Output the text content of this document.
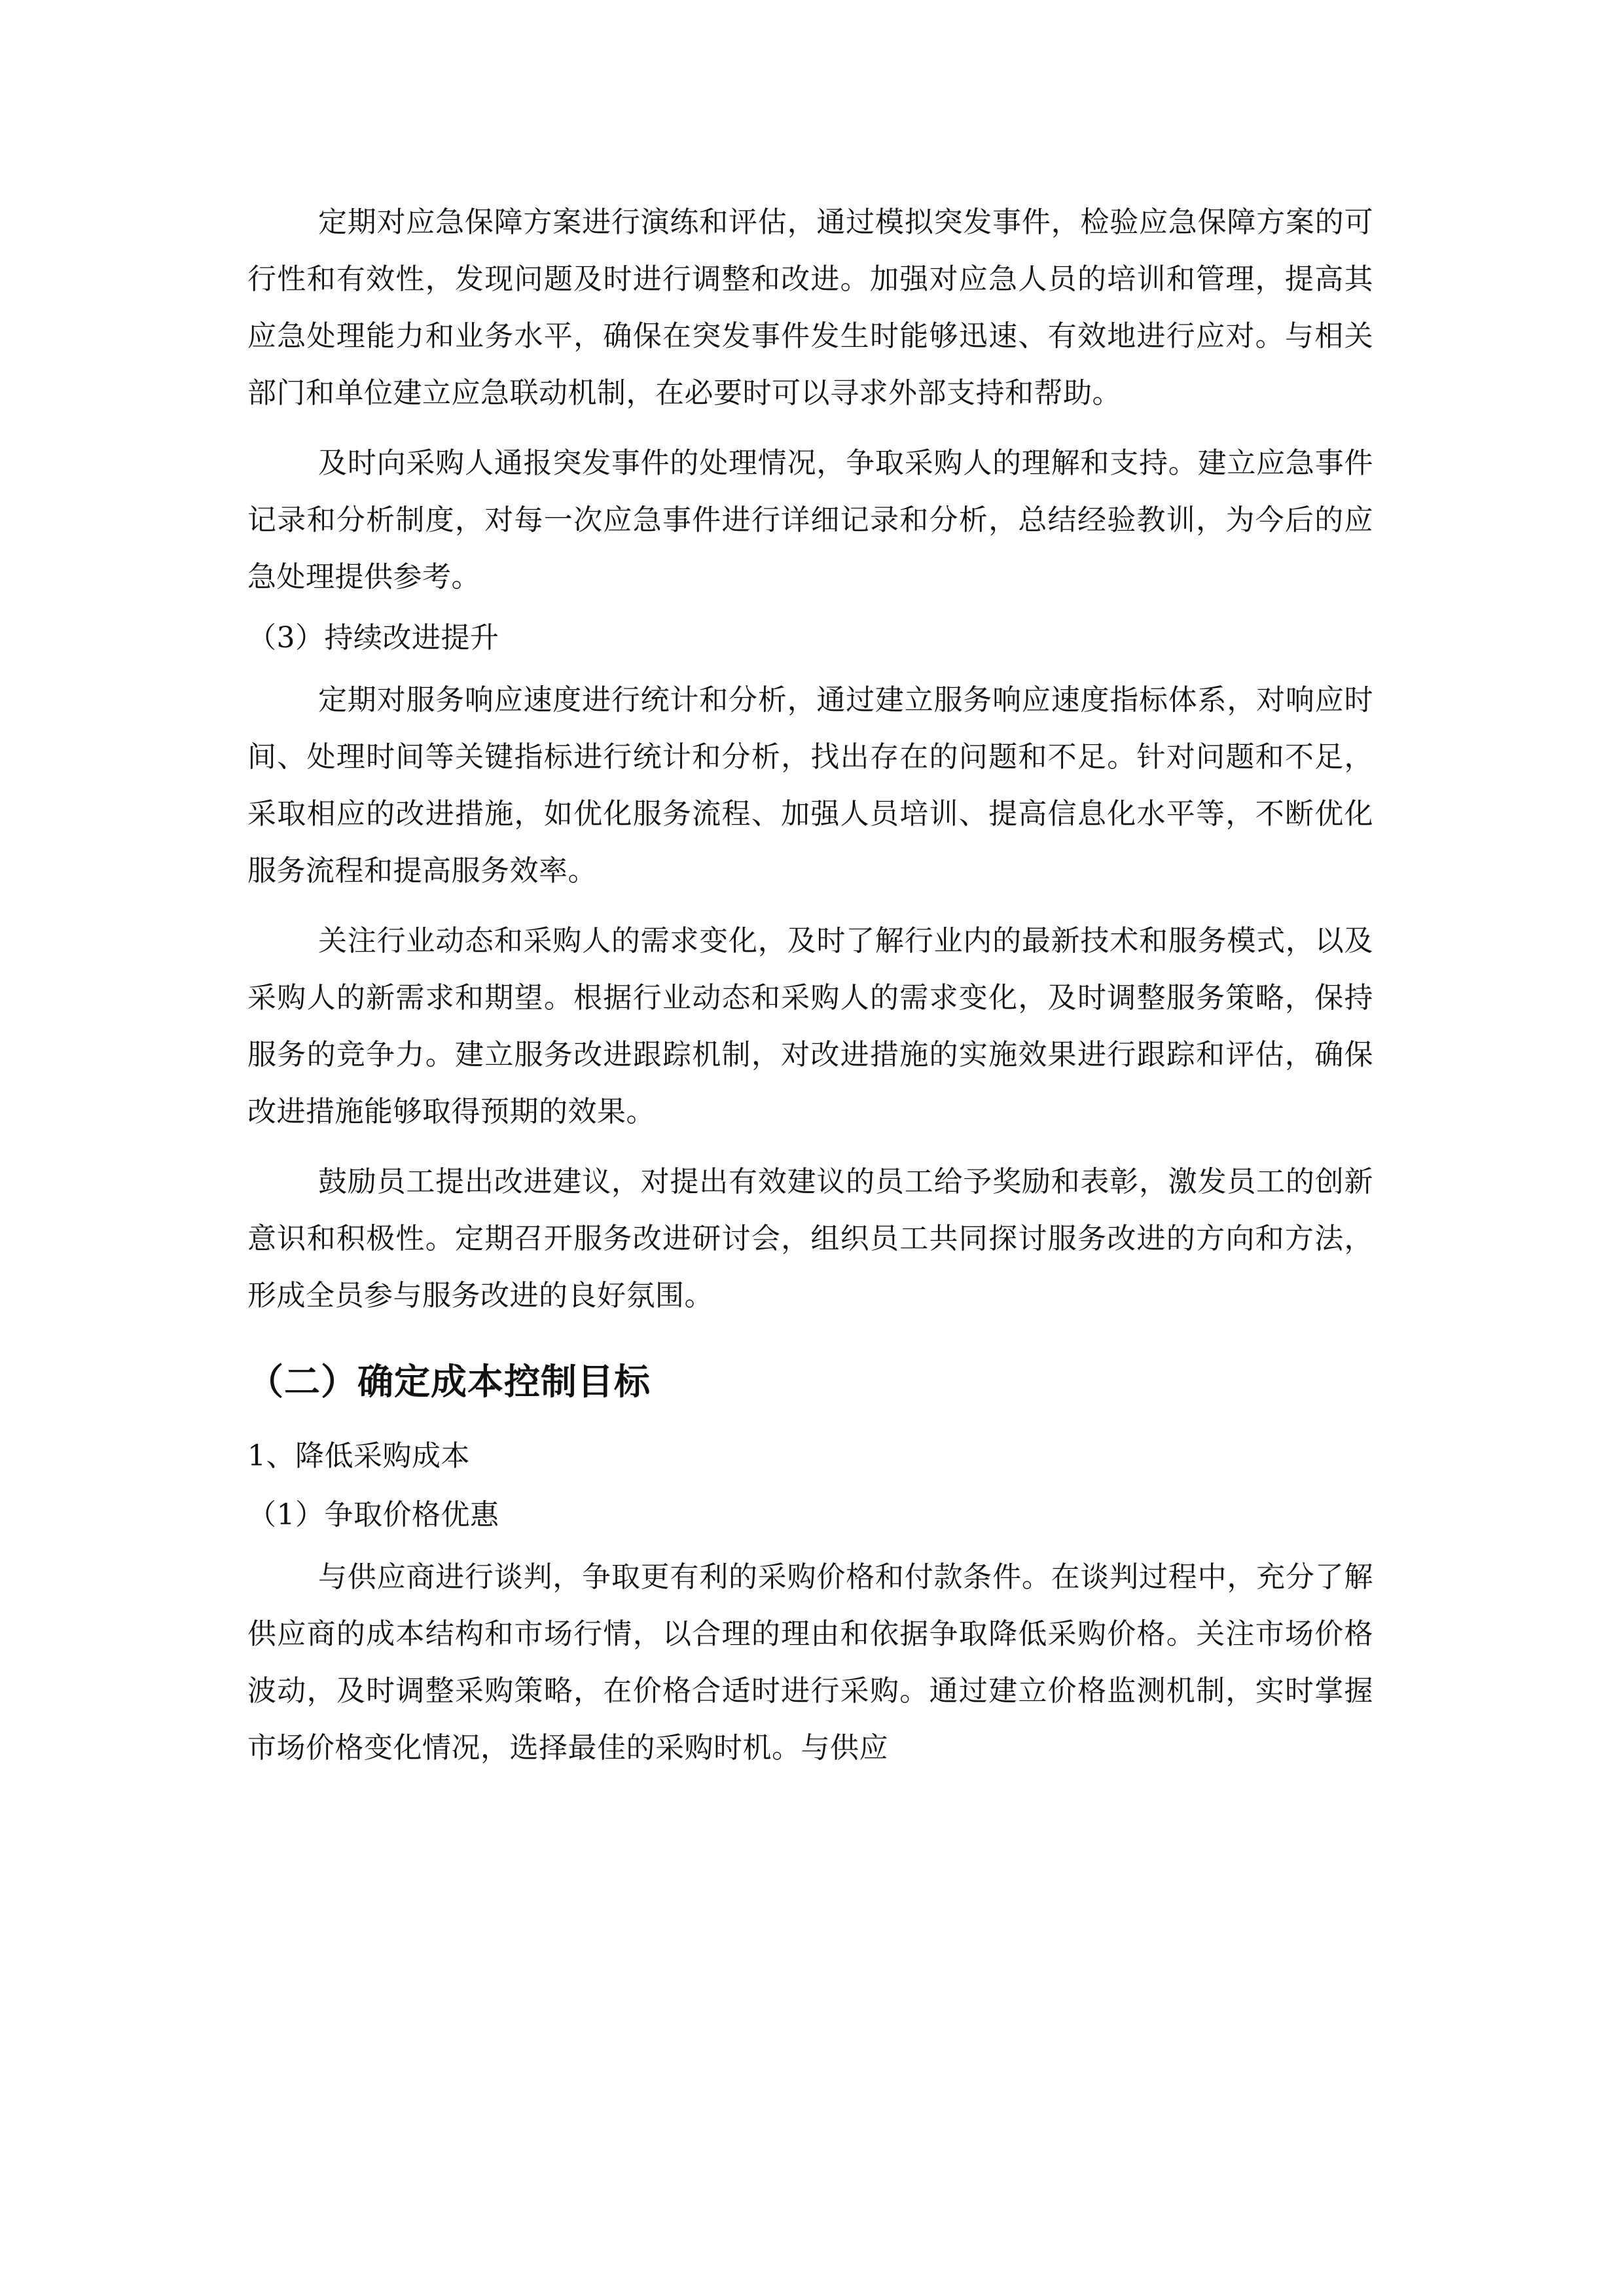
定期对应急保障方案进行演练和评估，通过模拟突发事件，检验应急保障方案的可行性和有效性，发现问题及时进行调整和改进。加强对应急人员的培训和管理，提高其应急处理能力和业务水平，确保在突发事件发生时能够迅速、有效地进行应对。与相关部门和单位建立应急联动机制，在必要时可以寻求外部支持和帮助。

及时向采购人通报突发事件的处理情况，争取采购人的理解和支持。建立应急事件记录和分析制度，对每一次应急事件进行详细记录和分析，总结经验教训，为今后的应急处理提供参考。

（3）持续改进提升

定期对服务响应速度进行统计和分析，通过建立服务响应速度指标体系，对响应时间、处理时间等关键指标进行统计和分析，找出存在的问题和不足。针对问题和不足，采取相应的改进措施，如优化服务流程、加强人员培训、提高信息化水平等，不断优化服务流程和提高服务效率。

关注行业动态和采购人的需求变化，及时了解行业内的最新技术和服务模式，以及采购人的新需求和期望。根据行业动态和采购人的需求变化，及时调整服务策略，保持服务的竞争力。建立服务改进跟踪机制，对改进措施的实施效果进行跟踪和评估，确保改进措施能够取得预期的效果。

鼓励员工提出改进建议，对提出有效建议的员工给予奖励和表彰，激发员工的创新意识和积极性。定期召开服务改进研讨会，组织员工共同探讨服务改进的方向和方法，形成全员参与服务改进的良好氛围。

（二）确定成本控制目标

1、降低采购成本

（1）争取价格优惠

与供应商进行谈判，争取更有利的采购价格和付款条件。在谈判过程中，充分了解供应商的成本结构和市场行情，以合理的理由和依据争取降低采购价格。关注市场价格波动，及时调整采购策略，在价格合适时进行采购。通过建立价格监测机制，实时掌握市场价格变化情况，选择最佳的采购时机。与供应
